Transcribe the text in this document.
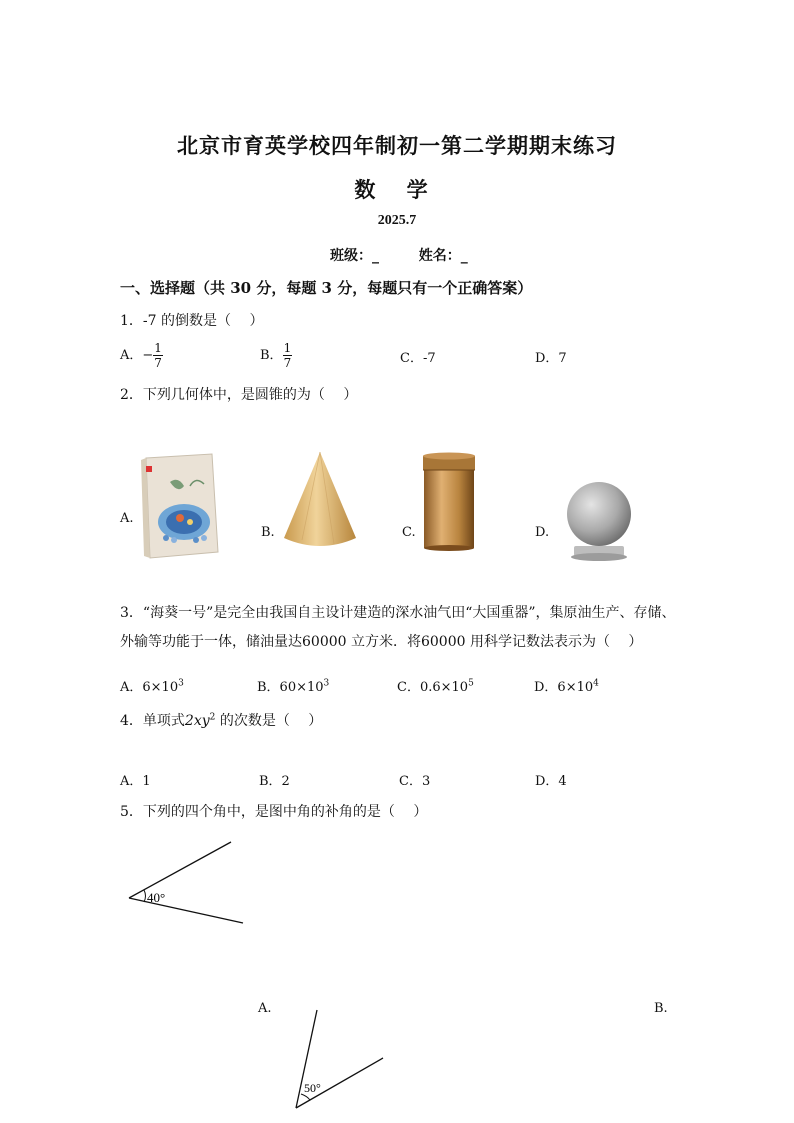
北京市育英学校四年制初一第二学期期末练习
数 学
2025.7
班级：_	姓名：_
一、选择题（共 30 分，每题 3 分，每题只有一个正确答案）
1．-7 的倒数是（　 ）
A．− $\frac{1}{7}$	B． $\frac{1}{7}$	C．-7	D．7
2．下列几何体中，是圆锥的为（　 ）
A.
B.	C.	D.
3．“海葵一号”是完全由我国自主设计建造的深水油气田“大国重器”，集原油生产、存储、
外输等功能于一体，储油量达60000 立方米．将60000 用科学记数法表示为（　 ）
A．$6\times 10^3$	B．$60\times 10^3$	C．$0.6\times 10^5$	D．$6\times 10^4$
4．单项式$2xy^2$ 的次数是（　 ）
A．1	B．2	C．3	D．4
5．下列的四个角中，是图中角的补角的是（　 ）
40°
A.	B.
50°
